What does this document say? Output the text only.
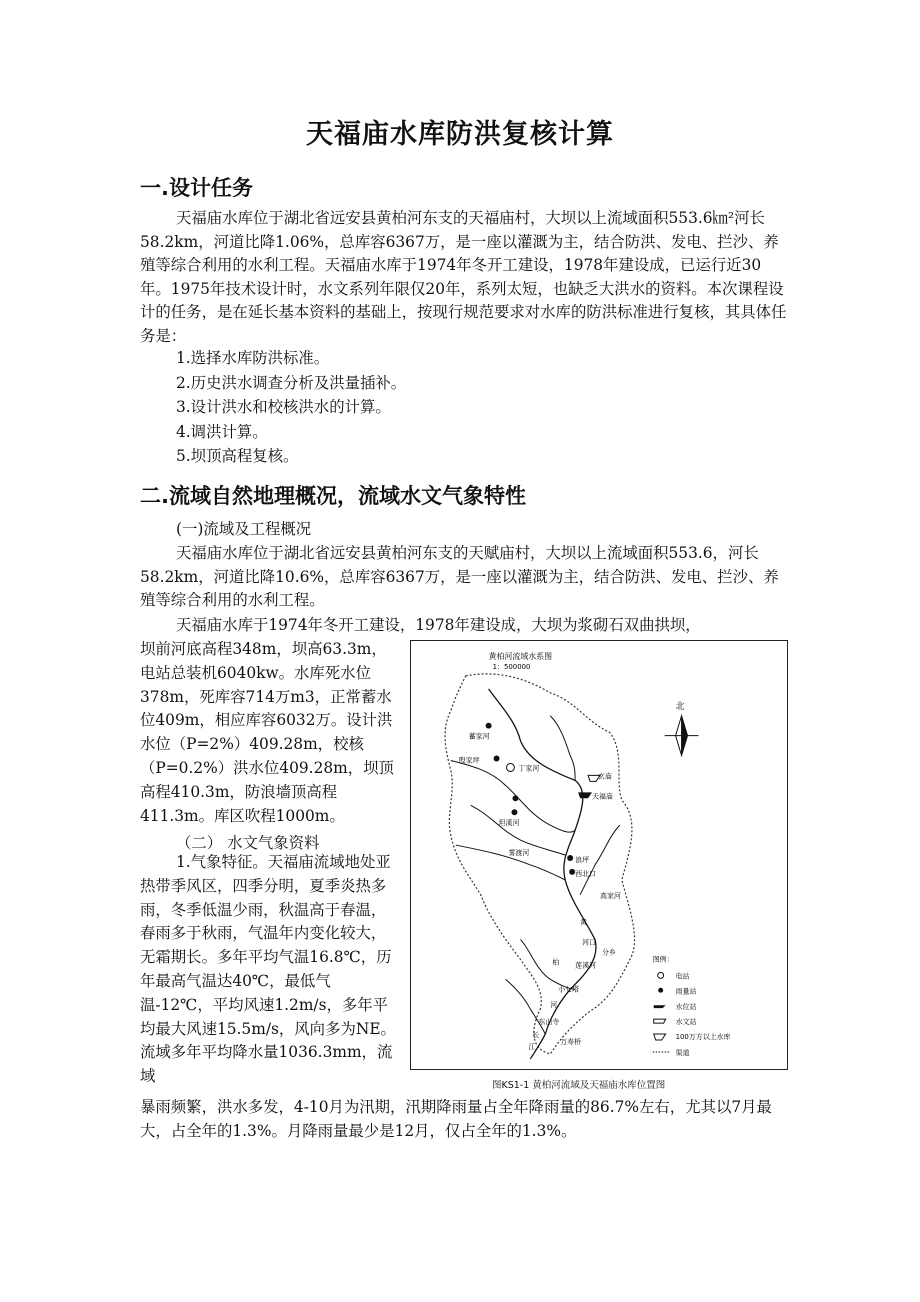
天福庙水库防洪复核计算
一.设计任务

天福庙水库位于湖北省远安县黄柏河东支的天福庙村，大坝以上流域面积553.6㎞²河长58.2km，河道比降1.06%，总库容6367万，是一座以灌溉为主，结合防洪、发电、拦沙、养殖等综合利用的水利工程。天福庙水库于1974年冬开工建设，1978年建设成，已运行近30年。1975年技术设计时，水文系列年限仅20年，系列太短，也缺乏大洪水的资料。本次课程设计的任务，是在延长基本资料的基础上，按现行规范要求对水库的防洪标准进行复核，其具体任务是：

1.选择水库防洪标准。
2.历史洪水调查分析及洪量插补。
3.设计洪水和校核洪水的计算。
4.调洪计算。
5.坝顶高程复核。
二.流域自然地理概况，流域水文气象特性

(一)流域及工程概况

天福庙水库位于湖北省远安县黄柏河东支的天赋庙村，大坝以上流域面积553.6，河长58.2km，河道比降10.6%，总库容6367万，是一座以灌溉为主，结合防洪、发电、拦沙、养殖等综合利用的水利工程。

天福庙水库于1974年冬开工建设，1978年建设成，大坝为浆砌石双曲拱坝，

坝前河底高程348m，坝高63.3m，电站总装机6040kw。水库死水位378m，死库容714万m3，正常蓄水位409m，相应库容6032万。设计洪水位（P=2%）409.28m，校核（P=0.2%）洪水位409.28m，坝顶高程410.3m，防浪墙顶高程411.3m。库区吹程1000m。

（二） 水文气象资料

1.气象特征。天福庙流域地处亚热带季风区，四季分明，夏季炎热多雨，冬季低温少雨，秋温高于春温，春雨多于秋雨，气温年内变化较大，无霜期长。多年平均气温16.8℃，历年最高气温达40℃，最低气温-12℃，平均风速1.2m/s，多年平均最大风速15.5m/s，风向多为NE。流域多年平均降水量1036.3mm，流域

暴雨频繁，洪水多发，4-10月为汛期，汛期降雨量占全年降雨量的86.7%左右，尤其以7月最大，占全年的1.3%。月降雨量最少是12月，仅占全年的1.3%。

黄柏河流域水系图
1：500000
蓄家河
殷家坪
丁家河
玄庙
天福庙
坦溪河
雾渡河
浪坪
西北口
高家河
黄
河口
分乡
柏 莲溪河
小七塔
河
东山寺
万寿桥
长
江
北
图例：
电站
雨量站
水位站
水文站
100万方以上水库
渠道

图KS1-1 黄柏河流域及天福庙水库位置图
